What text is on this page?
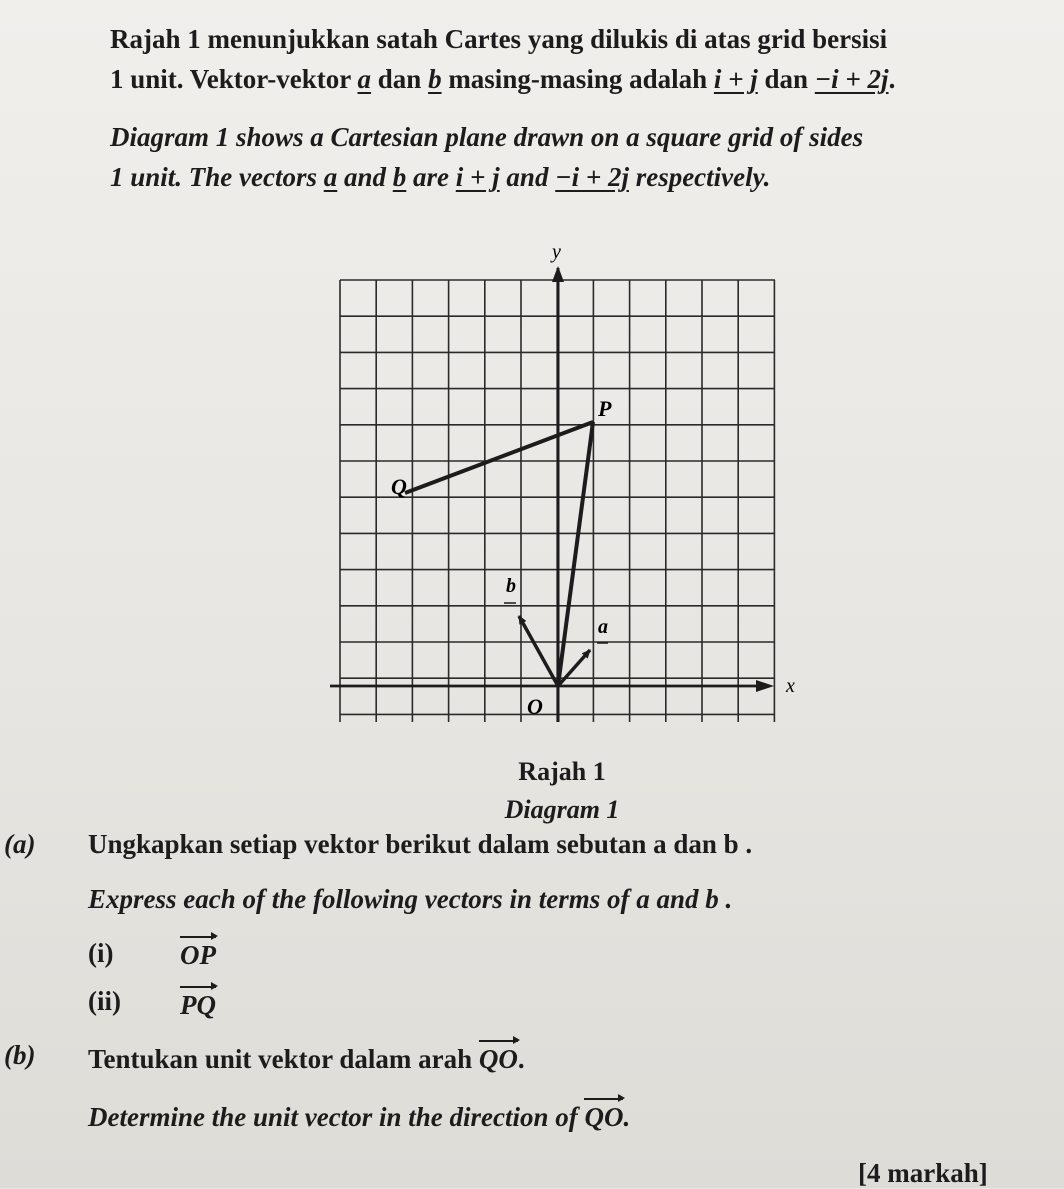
Rajah 1 menunjukkan satah Cartes yang dilukis di atas grid bersisi
1 unit. Vektor-vektor a dan b masing-masing adalah i + j dan −i + 2j.
Diagram 1 shows a Cartesian plane drawn on a square grid of sides
1 unit. The vectors a and b are i + j and −i + 2j respectively.
y
x
Q
P
O
b
a
Rajah 1
Diagram 1
(a) Ungkapkan setiap vektor berikut dalam sebutan a dan b .
Express each of the following vectors in terms of a and b .
(i) OP
(ii) PQ
(b) Tentukan unit vektor dalam arah QO.
Determine the unit vector in the direction of QO.
[4 markah]
